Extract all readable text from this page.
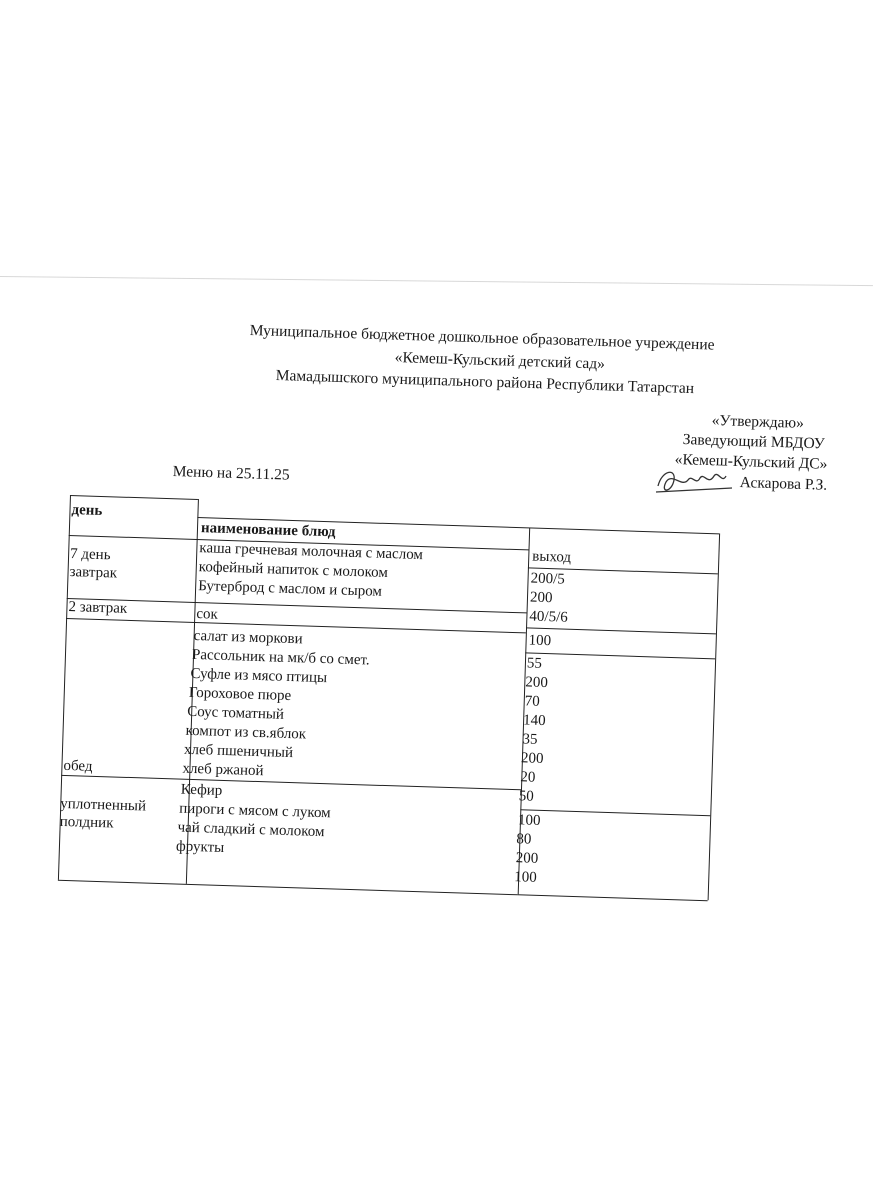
Муниципальное бюджетное дошкольное образовательное учреждение
«Кемеш-Кульский детский сад»
Мамадышского муниципального района Республики Татарстан
«Утверждаю»
Заведующий МБДОУ
«Кемеш-Кульский ДС»
Аскарова Р.З.
Меню на 25.11.25
день
наименование блюд
выход
7 день
завтрак
каша гречневая молочная с маслом
кофейный напиток с молоком
Бутерброд с маслом и сыром	200/5
200
40/5/6
2 завтрак	сок
100
обед
салат из моркови
Рассольник на мк/б со смет.
Суфле из мясо птицы
Гороховое пюре
Соус томатный
компот из св.яблок
хлеб пшеничный
хлеб ржаной
55
200
70
140
35
200
20
50
уплотненный
полдник
Кефир
пироги с мясом с луком
чай сладкий с молоком
фрукты
100
80
200
100
